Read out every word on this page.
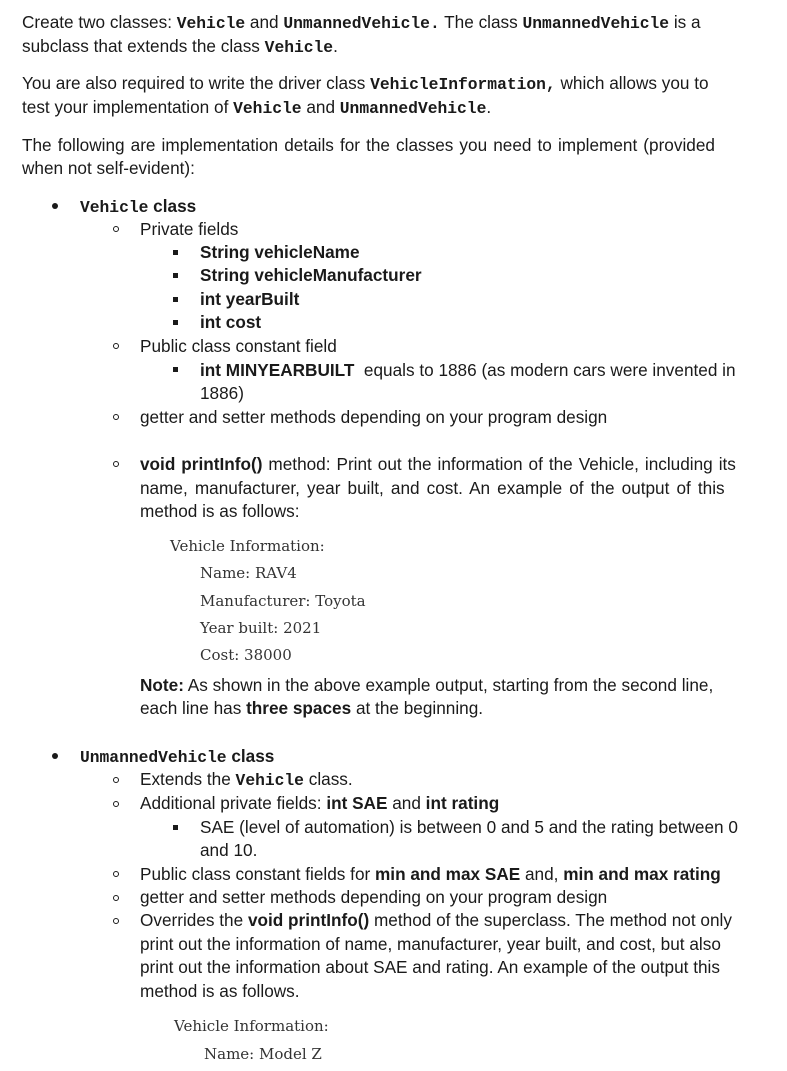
Create two classes: Vehicle and UnmannedVehicle. The class UnmannedVehicle is a
subclass that extends the class Vehicle.
You are also required to write the driver class VehicleInformation, which allows you to
test your implementation of Vehicle and UnmannedVehicle.
The following are implementation details for the classes you need to implement (provided
when not self-evident):
Vehicle class
Private fields
String vehicleName
String vehicleManufacturer
int yearBuilt
int cost
Public class constant field
int MINYEARBUILT  equals to 1886 (as modern cars were invented in
1886)
getter and setter methods depending on your program design
void printInfo() method: Print out the information of the Vehicle, including its
name, manufacturer, year built, and cost. An example of the output of this
method is as follows:
Vehicle Information:
Name: RAV4
Manufacturer: Toyota
Year built: 2021
Cost: 38000
Note: As shown in the above example output, starting from the second line,
each line has three spaces at the beginning.
UnmannedVehicle class
Extends the Vehicle class.
Additional private fields: int SAE and int rating
SAE (level of automation) is between 0 and 5 and the rating between 0
and 10.
Public class constant fields for min and max SAE and, min and max rating
getter and setter methods depending on your program design
Overrides the void printInfo() method of the superclass. The method not only
print out the information of name, manufacturer, year built, and cost, but also
print out the information about SAE and rating. An example of the output this
method is as follows.
Vehicle Information:
Name: Model Z
